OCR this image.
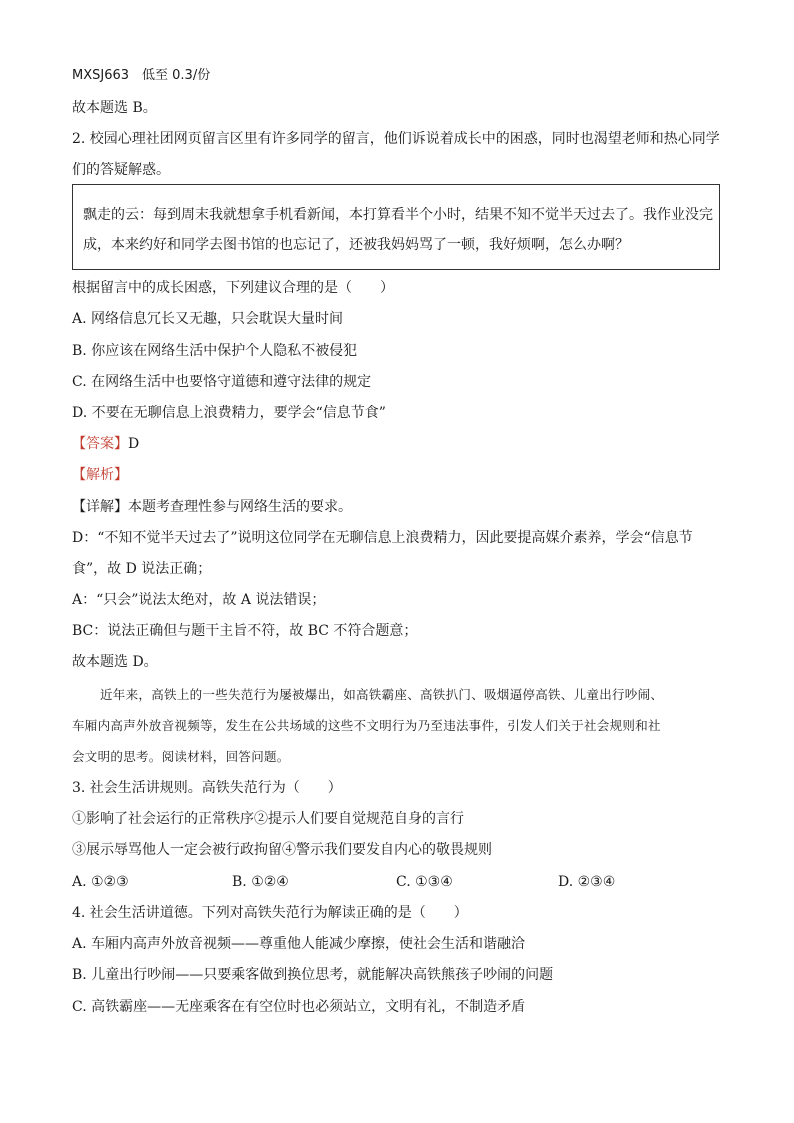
MXSJ663　低至 0.3/份
故本题选 B。
2. 校园心理社团网页留言区里有许多同学的留言，他们诉说着成长中的困惑，同时也渴望老师和热心同学
们的答疑解惑。
飘走的云：每到周末我就想拿手机看新闻，本打算看半个小时，结果不知不觉半天过去了。我作业没完
成，本来约好和同学去图书馆的也忘记了，还被我妈妈骂了一顿，我好烦啊，怎么办啊？
根据留言中的成长困惑，下列建议合理的是（　　）
A. 网络信息冗长又无趣，只会耽误大量时间
B. 你应该在网络生活中保护个人隐私不被侵犯
C. 在网络生活中也要恪守道德和遵守法律的规定
D. 不要在无聊信息上浪费精力，要学会“信息节食”
【答案】D
【解析】
【详解】本题考查理性参与网络生活的要求。
D：“不知不觉半天过去了”说明这位同学在无聊信息上浪费精力，因此要提高媒介素养，学会“信息节
食”，故 D 说法正确；
A：“只会”说法太绝对，故 A 说法错误；
BC：说法正确但与题干主旨不符，故 BC 不符合题意；
故本题选 D。
近年来，高铁上的一些失范行为屡被爆出，如高铁霸座、高铁扒门、吸烟逼停高铁、儿童出行吵闹、
车厢内高声外放音视频等，发生在公共场域的这些不文明行为乃至违法事件，引发人们关于社会规则和社
会文明的思考。阅读材料，回答问题。
3. 社会生活讲规则。高铁失范行为（　　）
①影响了社会运行的正常秩序②提示人们要自觉规范自身的言行
③展示辱骂他人一定会被行政拘留④警示我们要发自内心的敬畏规则
A. ①②③	B. ①②④	C. ①③④	D. ②③④
4. 社会生活讲道德。下列对高铁失范行为解读正确的是（　　）
A. 车厢内高声外放音视频——尊重他人能减少摩擦，使社会生活和谐融洽
B. 儿童出行吵闹——只要乘客做到换位思考，就能解决高铁熊孩子吵闹的问题
C. 高铁霸座——无座乘客在有空位时也必须站立，文明有礼，不制造矛盾
